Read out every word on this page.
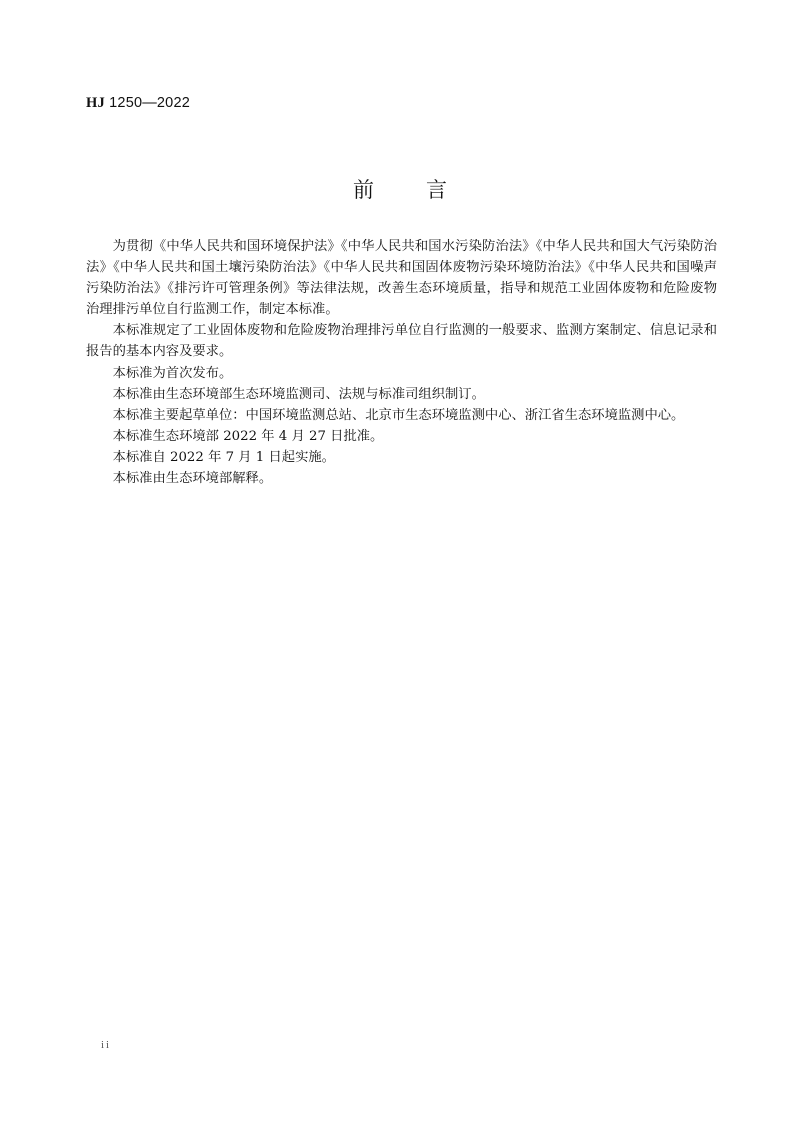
HJ 1250—2022
前 言

为贯彻《中华人民共和国环境保护法》《中华人民共和国水污染防治法》《中华人民共和国大气污染防治法》《中华人民共和国土壤污染防治法》《中华人民共和国固体废物污染环境防治法》《中华人民共和国噪声污染防治法》《排污许可管理条例》等法律法规，改善生态环境质量，指导和规范工业固体废物和危险废物治理排污单位自行监测工作，制定本标准。

本标准规定了工业固体废物和危险废物治理排污单位自行监测的一般要求、监测方案制定、信息记录和报告的基本内容及要求。

本标准为首次发布。

本标准由生态环境部生态环境监测司、法规与标准司组织制订。

本标准主要起草单位：中国环境监测总站、北京市生态环境监测中心、浙江省生态环境监测中心。

本标准生态环境部 2022 年 4 月 27 日批准。

本标准自 2022 年 7 月 1 日起实施。

本标准由生态环境部解释。

ii
